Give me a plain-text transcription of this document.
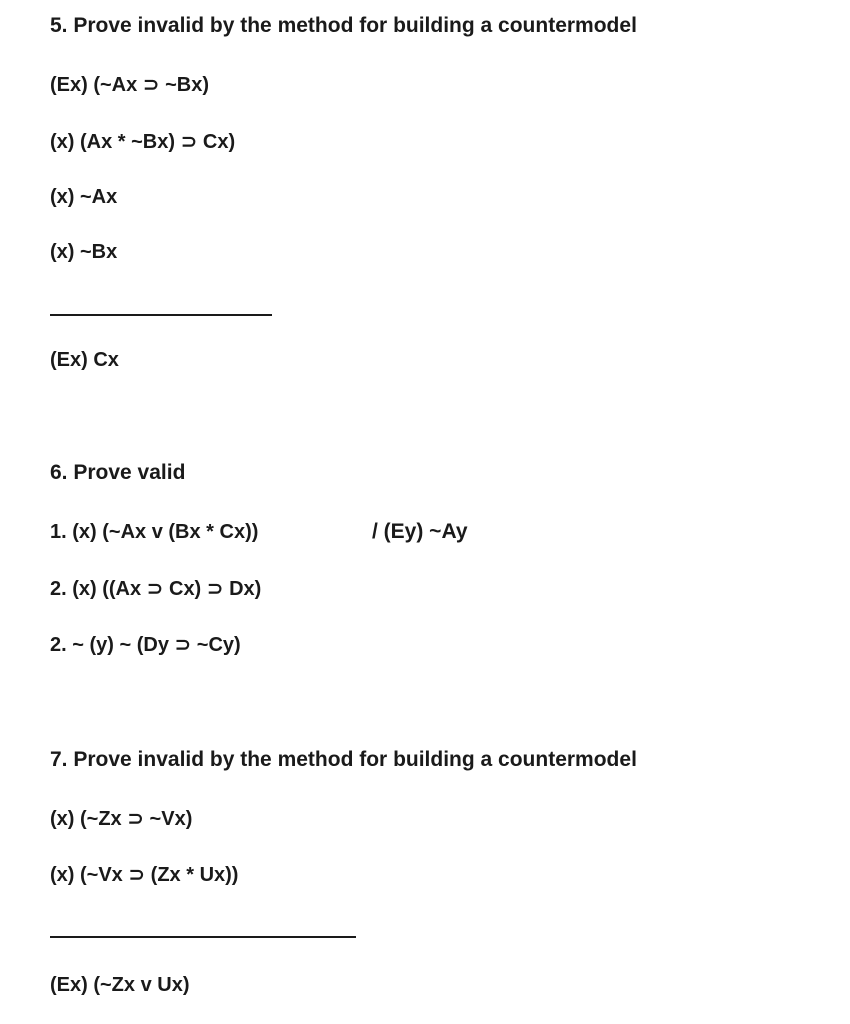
5. Prove invalid by the method for building a countermodel
(Ex) (~Ax ⊃ ~Bx)
(x) (Ax * ~Bx) ⊃ Cx)
(x) ~Ax
(x) ~Bx
(Ex) Cx
6. Prove valid
1. (x) (~Ax v (Bx * Cx))	/ (Ey) ~Ay
2. (x) ((Ax ⊃ Cx) ⊃ Dx)
2. ~ (y) ~ (Dy ⊃ ~Cy)
7. Prove invalid by the method for building a countermodel
(x) (~Zx ⊃ ~Vx)
(x) (~Vx ⊃ (Zx * Ux))
(Ex) (~Zx v Ux)
